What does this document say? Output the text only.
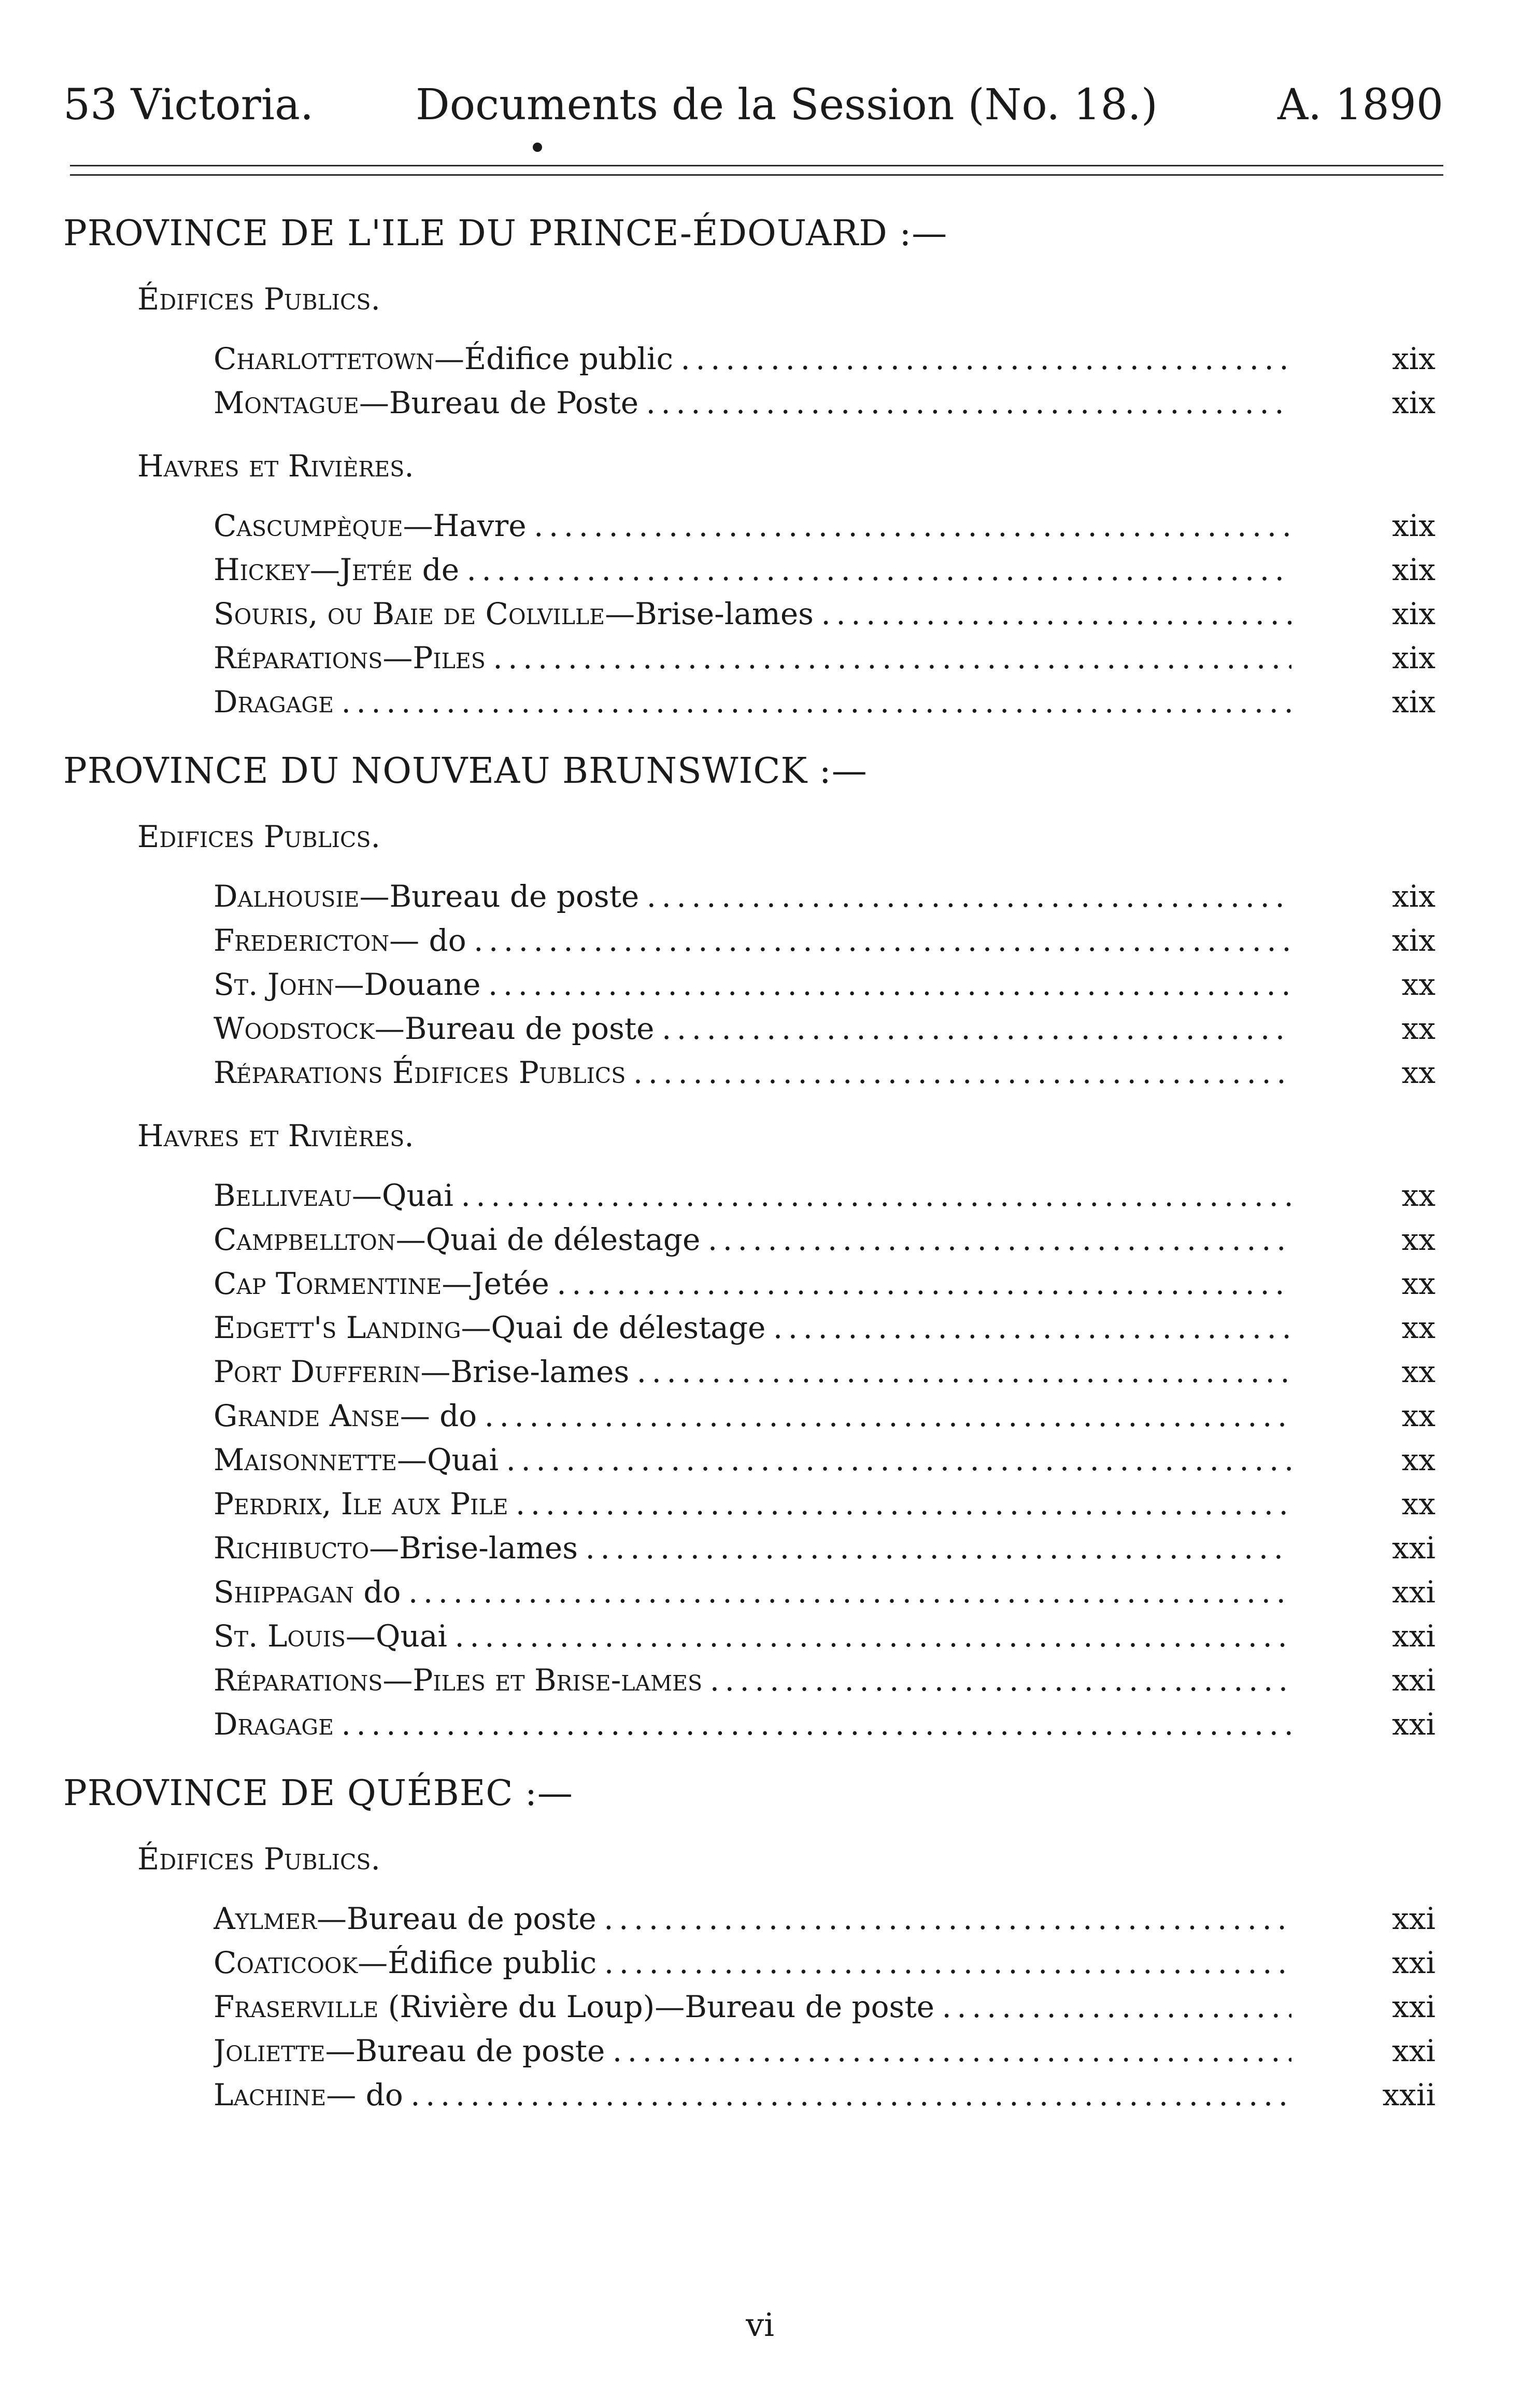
53 Victoria. Documents de la Session (No. 18.)	A. 1890
PROVINCE DE L'ILE DU PRINCE-ÉDOUARD :—
Édifices Publics.
Charlottetown—Édifice public . . .	xix
Montague—Bureau de Poste . . .	xix
Havres et Rivières.
Cascumpèque—Havre . . .	xix
Hickey—Jetée de . . .	xix
Souris, ou Baie de Colville—Brise-lames . . .	xix
Réparations—Piles . . .	xix
Dragage . . .	xix
PROVINCE DU NOUVEAU BRUNSWICK :—
Edifices Publics.
Dalhousie—Bureau de poste . . .	xix
Fredericton— do . . .	xix
St. John—Douane . . .	xx
Woodstock—Bureau de poste . . .	xx
Réparations Édifices Publics . . .	xx
Havres et Rivières.
Belliveau—Quai . . .	xx
Campbellton—Quai de délestage . . .	xx
Cap Tormentine—Jetée . . .	xx
Edgett's Landing—Quai de délestage . . .	xx
Port Dufferin—Brise-lames . . .	xx
Grande Anse— do . . .	xx
Maisonnette—Quai . . .	xx
Perdrix, Ile aux Pile . . .	xx
Richibucto—Brise-lames . . .	xxi
Shippagan do . . .	xxi
St. Louis—Quai . . .	xxi
Réparations—Piles et Brise-lames . . .	xxi
Dragage . . .	xxi
PROVINCE DE QUÉBEC :—
Édifices Publics.
Aylmer—Bureau de poste . . .	xxi
Coaticook—Édifice public . . .	xxi
Fraserville (Rivière du Loup)—Bureau de poste . . .	xxi
Joliette—Bureau de poste . . .	xxi
Lachine— do . . .	xxii
vi
